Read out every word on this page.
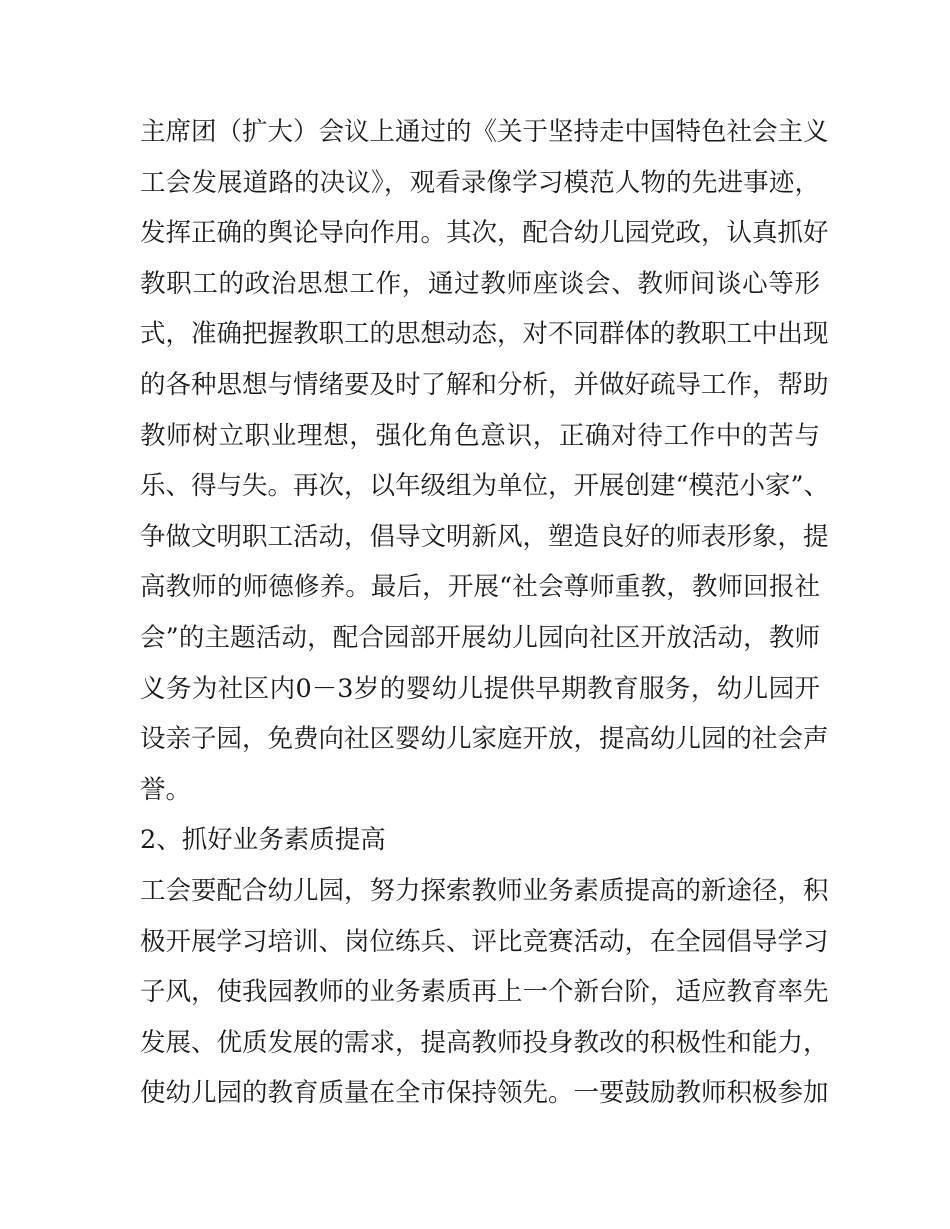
主席团（扩大）会议上通过的《关于坚持走中国特色社会主义
工会发展道路的决议》，观看录像学习模范人物的先进事迹，
发挥正确的舆论导向作用。其次，配合幼儿园党政，认真抓好
教职工的政治思想工作，通过教师座谈会、教师间谈心等形
式，准确把握教职工的思想动态，对不同群体的教职工中出现
的各种思想与情绪要及时了解和分析，并做好疏导工作，帮助
教师树立职业理想，强化角色意识，正确对待工作中的苦与
乐、得与失。再次，以年级组为单位，开展创建“模范小家”、
争做文明职工活动，倡导文明新风，塑造良好的师表形象，提
高教师的师德修养。最后，开展“社会尊师重教，教师回报社
会”的主题活动，配合园部开展幼儿园向社区开放活动，教师
义务为社区内0－3岁的婴幼儿提供早期教育服务，幼儿园开
设亲子园，免费向社区婴幼儿家庭开放，提高幼儿园的社会声
誉。
2、抓好业务素质提高
工会要配合幼儿园，努力探索教师业务素质提高的新途径，积
极开展学习培训、岗位练兵、评比竞赛活动，在全园倡导学习
子风，使我园教师的业务素质再上一个新台阶，适应教育率先
发展、优质发展的需求，提高教师投身教改的积极性和能力，
使幼儿园的教育质量在全市保持领先。一要鼓励教师积极参加
